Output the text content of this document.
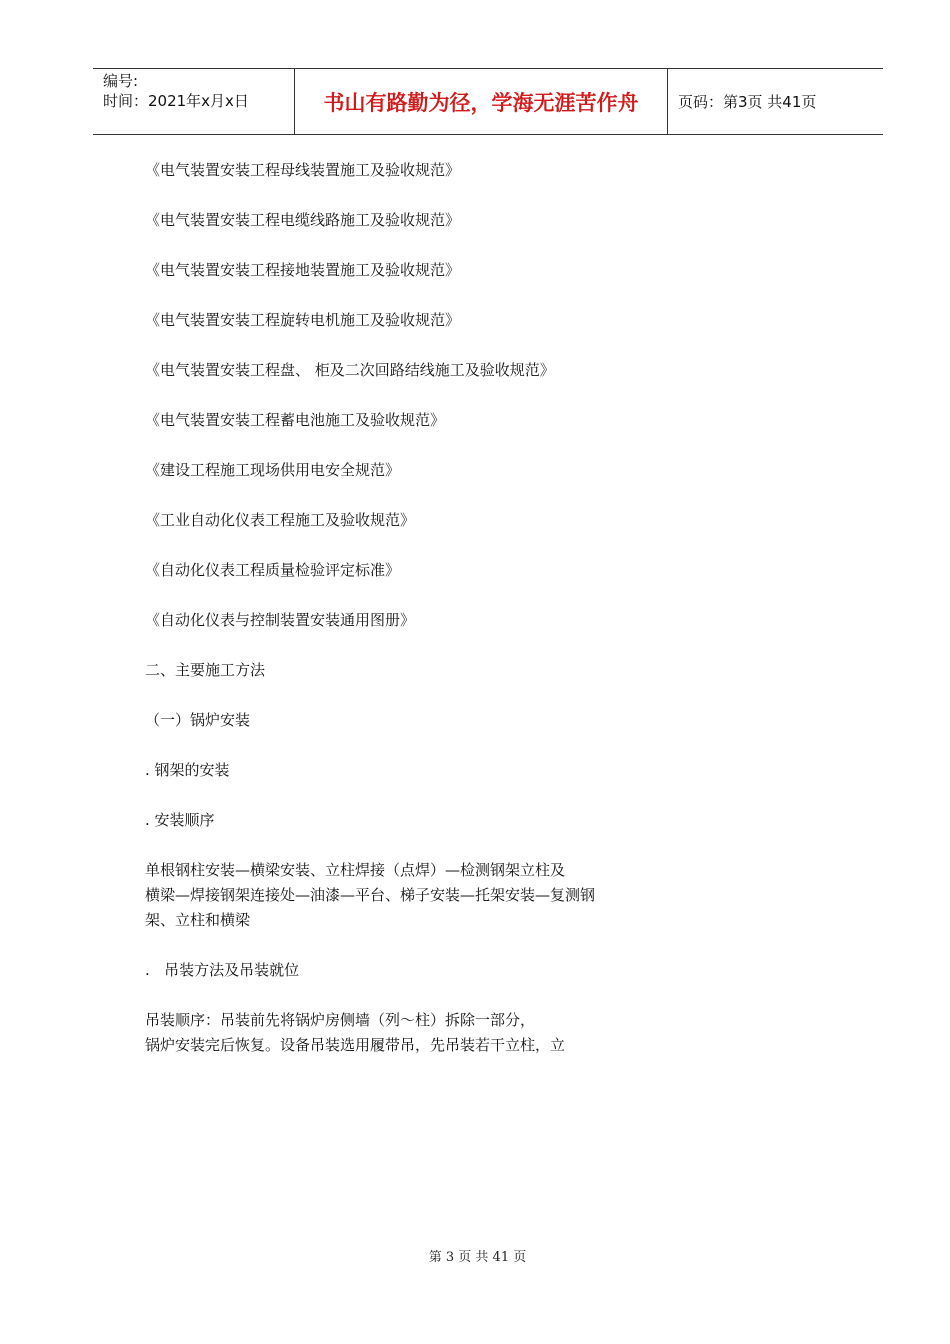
编号:
时间：2021年x月x日	书山有路勤为径，学海无涯苦作舟	页码：第3页 共41页

《电气装置安装工程母线装置施工及验收规范》

《电气装置安装工程电缆线路施工及验收规范》

《电气装置安装工程接地装置施工及验收规范》

《电气装置安装工程旋转电机施工及验收规范》

《电气装置安装工程盘、 柜及二次回路结线施工及验收规范》

《电气装置安装工程蓄电池施工及验收规范》

《建设工程施工现场供用电安全规范》

《工业自动化仪表工程施工及验收规范》

《自动化仪表工程质量检验评定标准》

《自动化仪表与控制装置安装通用图册》

二、主要施工方法

（一）锅炉安装

. 钢架的安装

. 安装顺序

单根钢柱安装—横梁安装、立柱焊接（点焊）—检测钢架立柱及
横梁—焊接钢架连接处—油漆—平台、梯子安装—托架安装—复测钢
架、立柱和横梁

.   吊装方法及吊装就位

吊装顺序：吊装前先将锅炉房侧墙（列～柱）拆除一部分，
锅炉安装完后恢复。设备吊装选用履带吊，先吊装若干立柱，立
第 3 页 共 41 页
